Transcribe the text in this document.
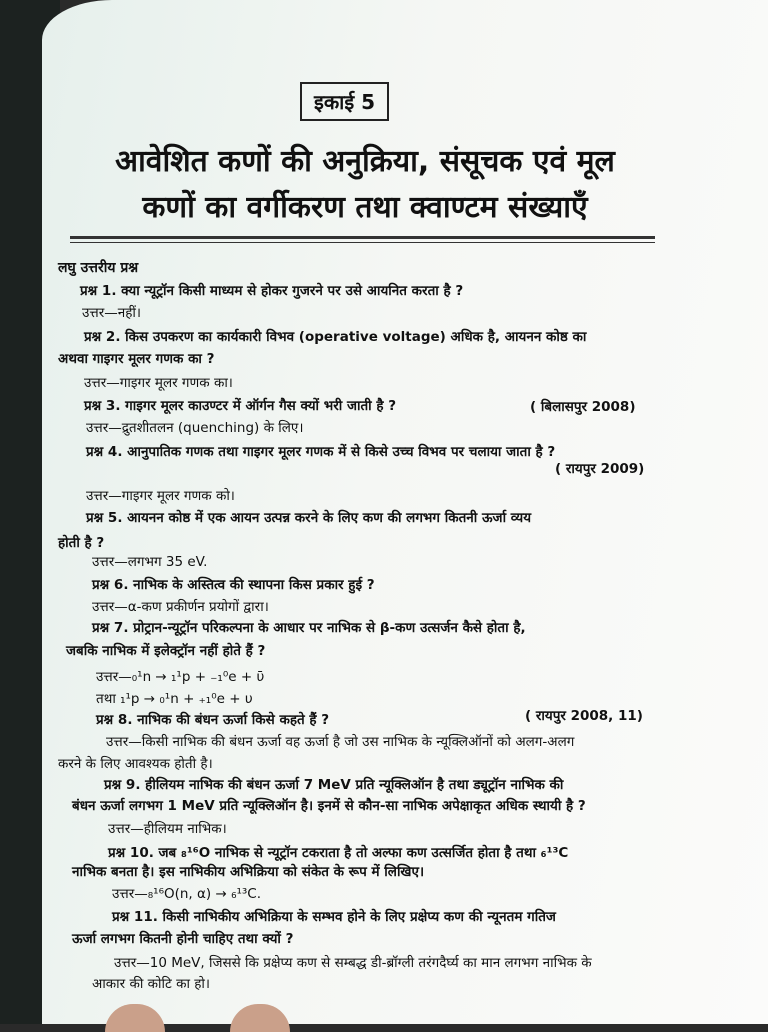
इकाई 5
आवेशित कणों की अनुक्रिया, संसूचक एवं मूल
कणों का वर्गीकरण तथा क्वाण्टम संख्याएँ
लघु उत्तरीय प्रश्न
प्रश्न 1. क्या न्यूट्रॉन किसी माध्यम से होकर गुजरने पर उसे आयनित करता है ?
उत्तर—नहीं।
प्रश्न 2. किस उपकरण का कार्यकारी विभव (operative voltage) अधिक है, आयनन कोष्ठ का
अथवा गाइगर मूलर गणक का ?
उत्तर—गाइगर मूलर गणक का।
प्रश्न 3. गाइगर मूलर काउण्टर में ऑर्गन गैस क्यों भरी जाती है ?
उत्तर—द्रुतशीतलन (quenching) के लिए।
प्रश्न 4. आनुपातिक गणक तथा गाइगर मूलर गणक में से किसे उच्च विभव पर चलाया जाता है ?
उत्तर—गाइगर मूलर गणक को।
प्रश्न 5. आयनन कोष्ठ में एक आयन उत्पन्न करने के लिए कण की लगभग कितनी ऊर्जा व्यय
होती है ?
उत्तर—लगभग 35 eV.
प्रश्न 6. नाभिक के अस्तित्व की स्थापना किस प्रकार हुई ?
उत्तर—α-कण प्रकीर्णन प्रयोगों द्वारा।
प्रश्न 7. प्रोट्रान-न्यूट्रॉन परिकल्पना के आधार पर नाभिक से β-कण उत्सर्जन कैसे होता है,
जबकि नाभिक में इलेक्ट्रॉन नहीं होते हैं ?
उत्तर—₀¹n → ₁¹p + ₋₁⁰e + ῡ
तथा ₁¹p → ₀¹n + ₊₁⁰e + υ
प्रश्न 8. नाभिक की बंधन ऊर्जा किसे कहते हैं ?
उत्तर—किसी नाभिक की बंधन ऊर्जा वह ऊर्जा है जो उस नाभिक के न्यूक्लिऑनों को अलग-अलग
करने के लिए आवश्यक होती है।
प्रश्न 9. हीलियम नाभिक की बंधन ऊर्जा 7 MeV प्रति न्यूक्लिऑन है तथा ड्यूट्रॉन नाभिक की
बंधन ऊर्जा लगभग 1 MeV प्रति न्यूक्लिऑन है। इनमें से कौन-सा नाभिक अपेक्षाकृत अधिक स्थायी है ?
उत्तर—हीलियम नाभिक।
प्रश्न 10. जब ₈¹⁶O नाभिक से न्यूट्रॉन टकराता है तो अल्फा कण उत्सर्जित होता है तथा ₆¹³C
नाभिक बनता है। इस नाभिकीय अभिक्रिया को संकेत के रूप में लिखिए।
उत्तर—₈¹⁶O(n, α) → ₆¹³C.
प्रश्न 11. किसी नाभिकीय अभिक्रिया के सम्भव होने के लिए प्रक्षेप्य कण की न्यूनतम गतिज
ऊर्जा लगभग कितनी होनी चाहिए तथा क्यों ?
उत्तर—10 MeV, जिससे कि प्रक्षेप्य कण से सम्बद्ध डी-ब्रॉग्ली तरंगदैर्घ्य का मान लगभग नाभिक के
आकार की कोटि का हो।
( बिलासपुर 2008)
( रायपुर 2009)
( रायपुर 2008, 11)
